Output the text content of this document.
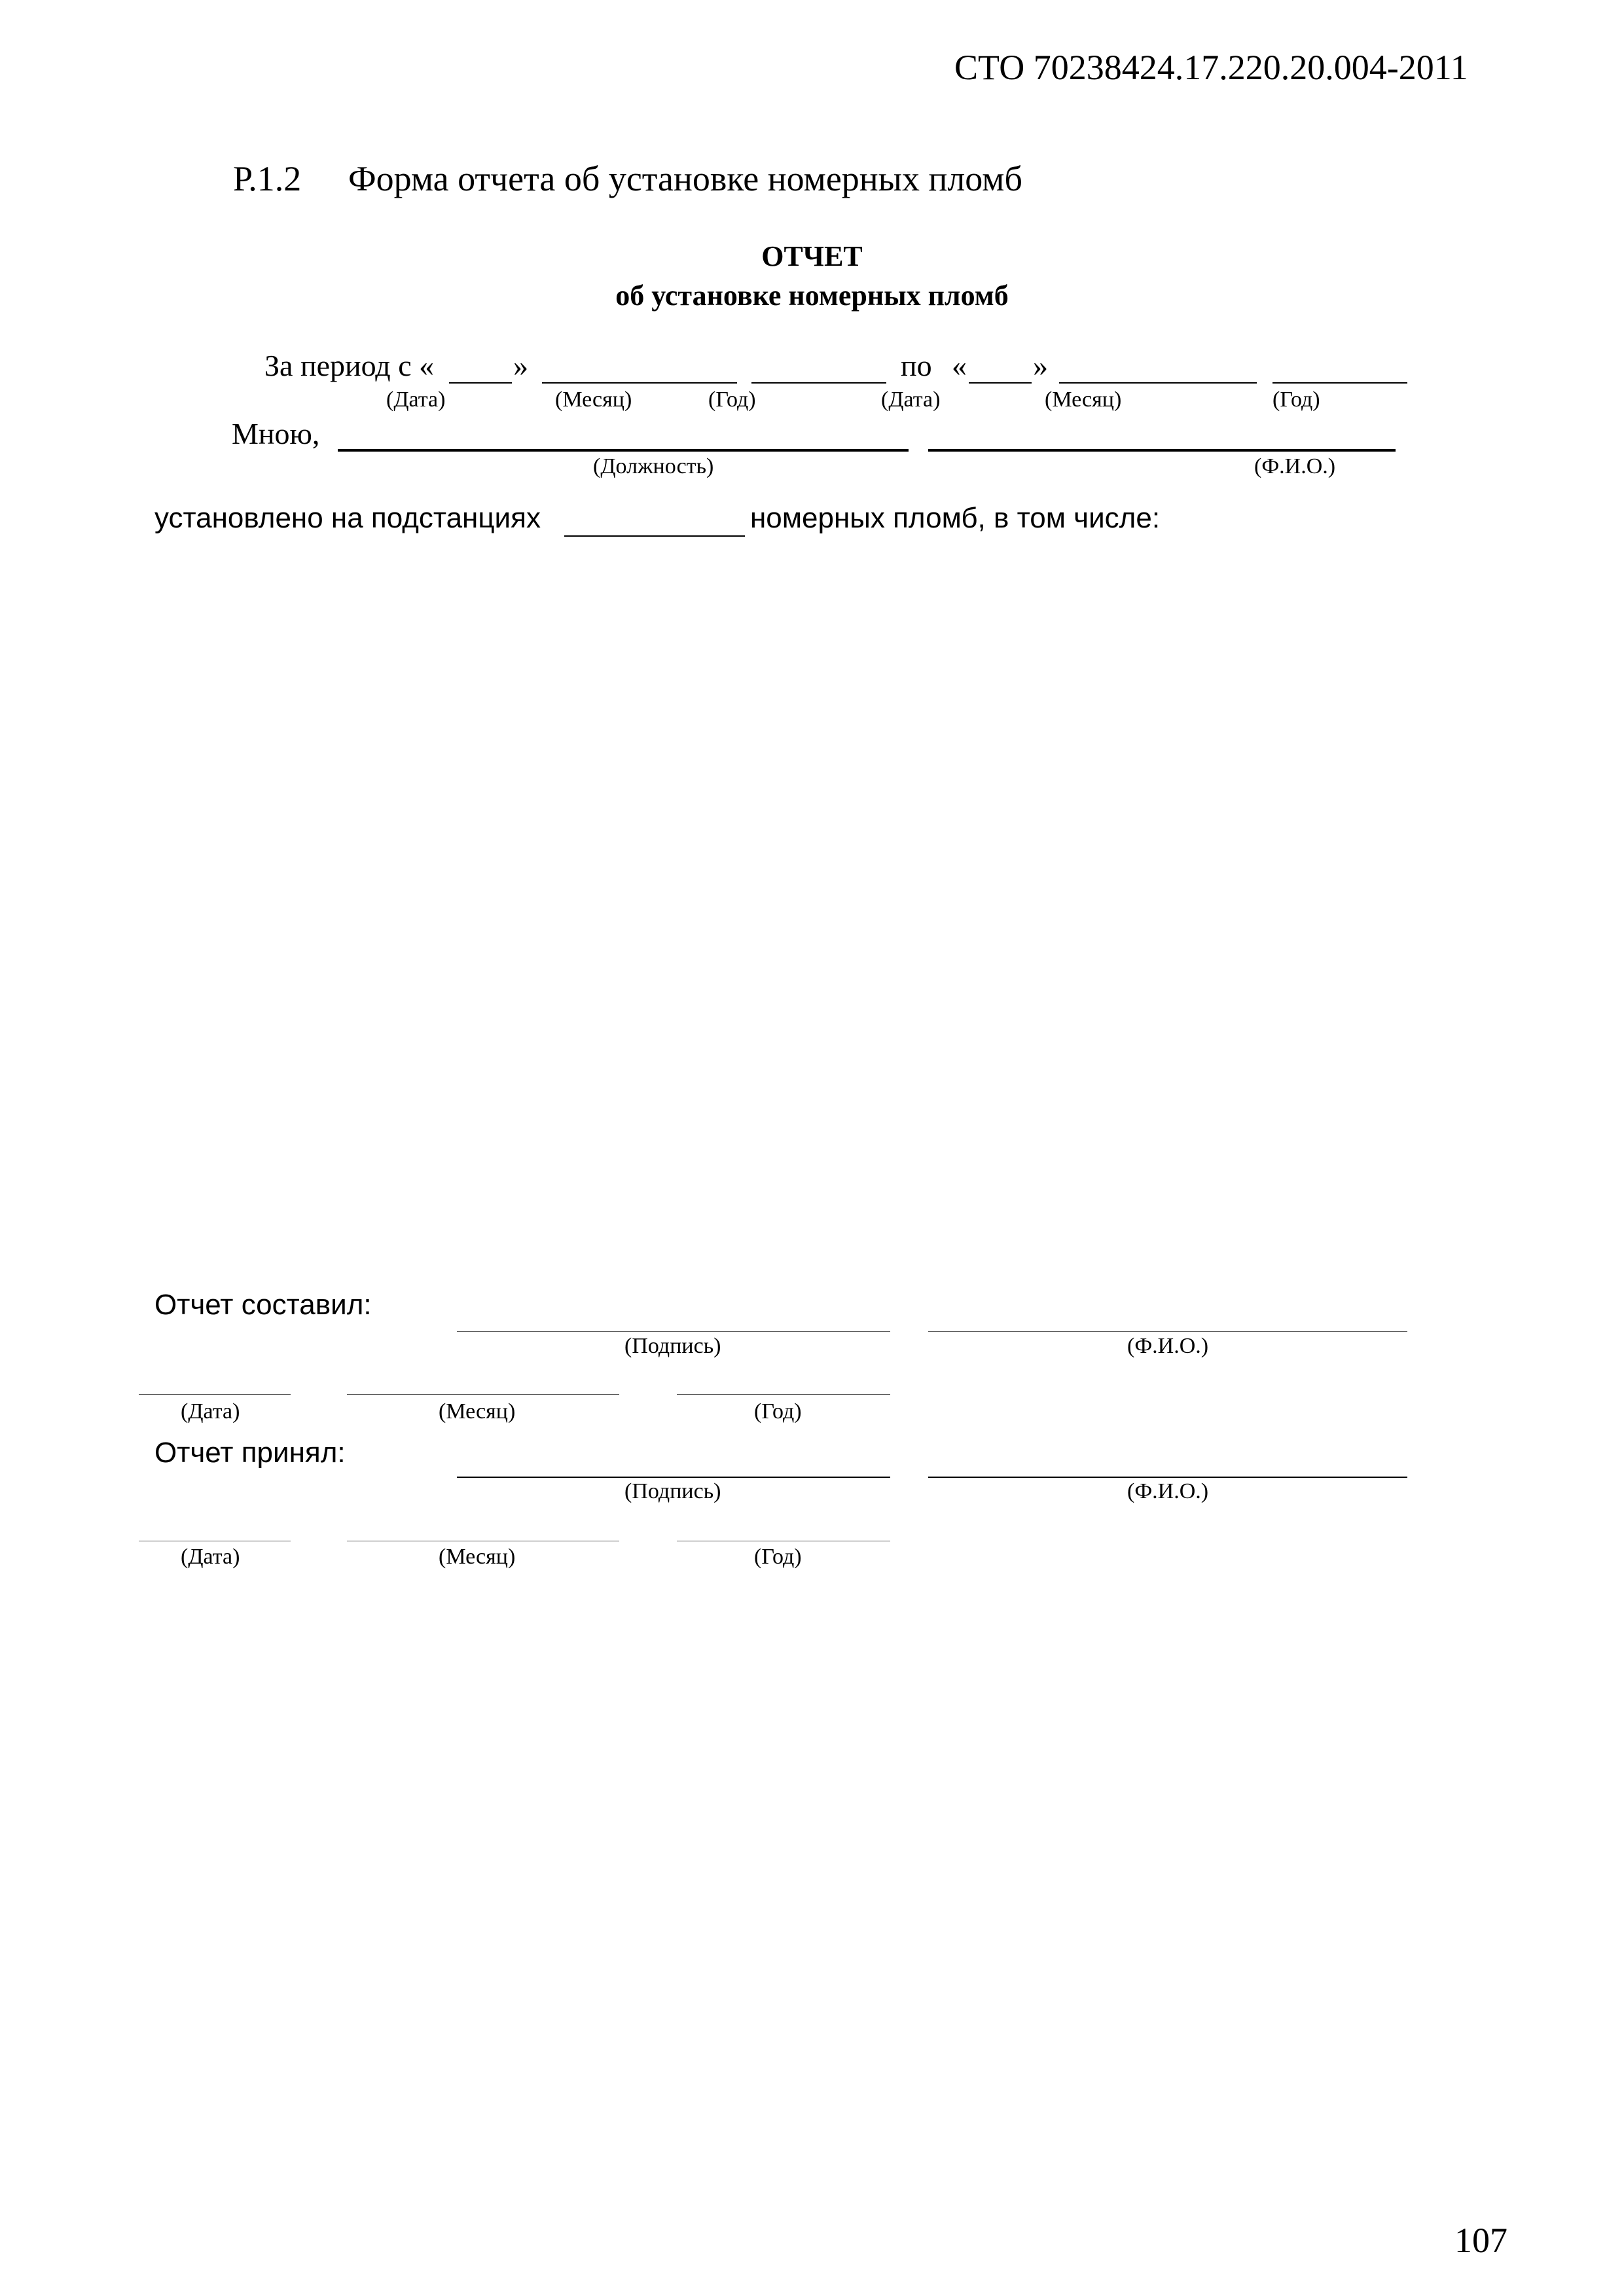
СТО 70238424.17.220.20.004-2011
Р.1.2 Форма отчета об установке номерных пломб
ОТЧЕТ
об установке номерных пломб
За период с «	»	по « »
(Дата)	(Месяц)	(Год)	(Дата)	(Месяц)	(Год)
Мною,
(Должность)	(Ф.И.О.)
установлено на подстанциях	номерных пломб, в том числе:
Отчет составил:
(Подпись)	(Ф.И.О.)
(Дата)	(Месяц)	(Год)
Отчет принял:
(Подпись)	(Ф.И.О.)
(Дата)	(Месяц)	(Год)
107
